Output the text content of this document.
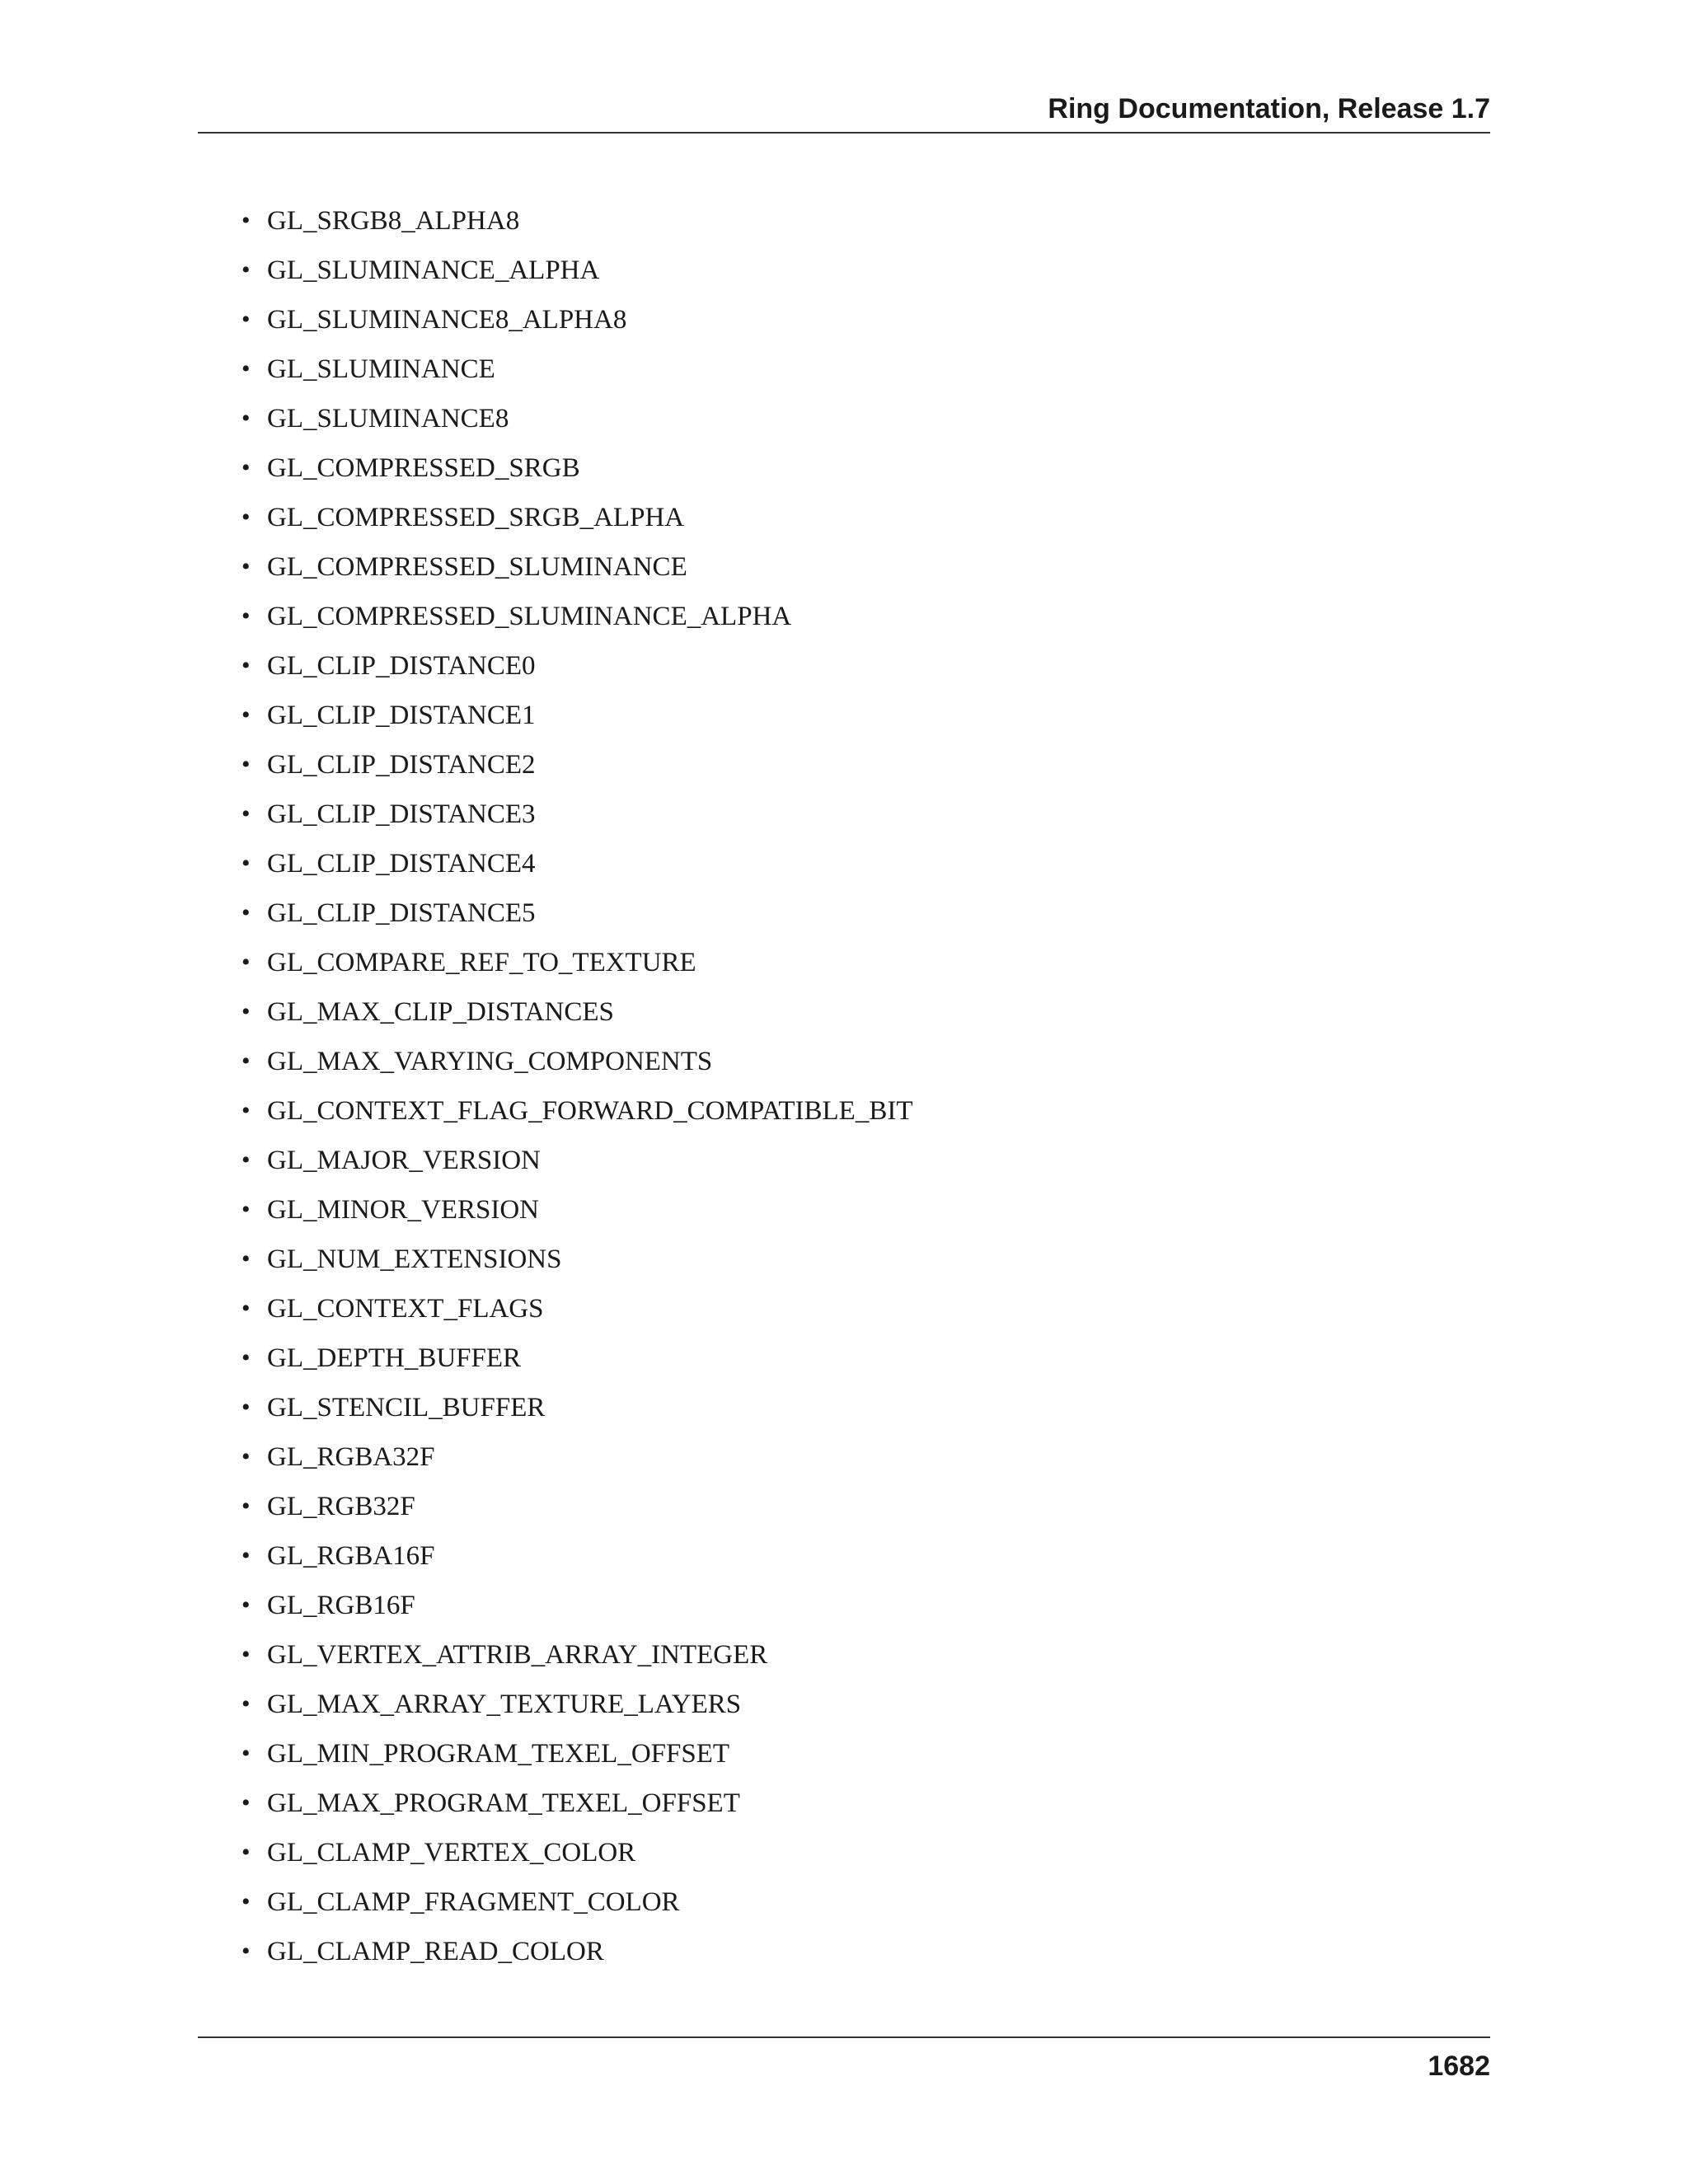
Ring Documentation, Release 1.7
• GL_SRGB8_ALPHA8
• GL_SLUMINANCE_ALPHA
• GL_SLUMINANCE8_ALPHA8
• GL_SLUMINANCE
• GL_SLUMINANCE8
• GL_COMPRESSED_SRGB
• GL_COMPRESSED_SRGB_ALPHA
• GL_COMPRESSED_SLUMINANCE
• GL_COMPRESSED_SLUMINANCE_ALPHA
• GL_CLIP_DISTANCE0
• GL_CLIP_DISTANCE1
• GL_CLIP_DISTANCE2
• GL_CLIP_DISTANCE3
• GL_CLIP_DISTANCE4
• GL_CLIP_DISTANCE5
• GL_COMPARE_REF_TO_TEXTURE
• GL_MAX_CLIP_DISTANCES
• GL_MAX_VARYING_COMPONENTS
• GL_CONTEXT_FLAG_FORWARD_COMPATIBLE_BIT
• GL_MAJOR_VERSION
• GL_MINOR_VERSION
• GL_NUM_EXTENSIONS
• GL_CONTEXT_FLAGS
• GL_DEPTH_BUFFER
• GL_STENCIL_BUFFER
• GL_RGBA32F
• GL_RGB32F
• GL_RGBA16F
• GL_RGB16F
• GL_VERTEX_ATTRIB_ARRAY_INTEGER
• GL_MAX_ARRAY_TEXTURE_LAYERS
• GL_MIN_PROGRAM_TEXEL_OFFSET
• GL_MAX_PROGRAM_TEXEL_OFFSET
• GL_CLAMP_VERTEX_COLOR
• GL_CLAMP_FRAGMENT_COLOR
• GL_CLAMP_READ_COLOR
1682
